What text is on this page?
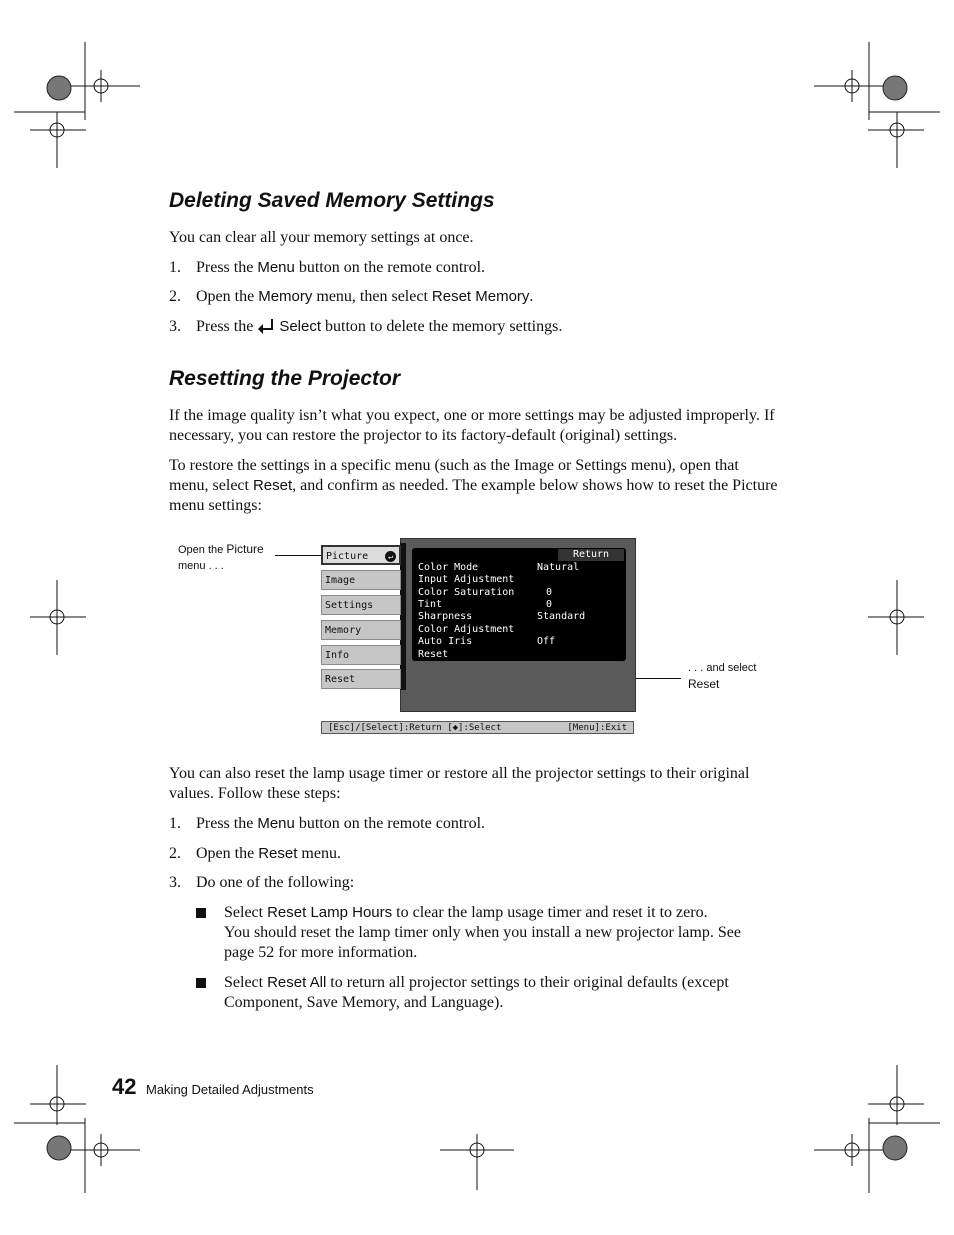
Deleting Saved Memory Settings
You can clear all your memory settings at once.
1. Press the Menu button on the remote control.
2. Open the Memory menu, then select Reset Memory.
3. Press the Select button to delete the memory settings.
Resetting the Projector
If the image quality isn’t what you expect, one or more settings may be adjusted improperly. If necessary, you can restore the projector to its factory-default (original) settings.
To restore the settings in a specific menu (such as the Image or Settings menu), open that menu, select Reset, and confirm as needed. The example below shows how to reset the Picture menu settings:
Open the Picture
menu . . .
. . . and select
Reset
Picture	↵
Image
Settings
Memory
Info
Reset
Return
Color Mode	Natural
Input Adjustment
Color Saturation	0
Tint	0
Sharpness	Standard
Color Adjustment
Auto Iris	Off
Reset
[Esc]/[Select]:Return [◆]:Select	[Menu]:Exit
You can also reset the lamp usage timer or restore all the projector settings to their original values. Follow these steps:
1. Press the Menu button on the remote control.
2. Open the Reset menu.
3. Do one of the following:
Select Reset Lamp Hours to clear the lamp usage timer and reset it to zero.
You should reset the lamp timer only when you install a new projector lamp. See page 52 for more information.
Select Reset All to return all projector settings to their original defaults (except Component, Save Memory, and Language).
42 Making Detailed Adjustments
